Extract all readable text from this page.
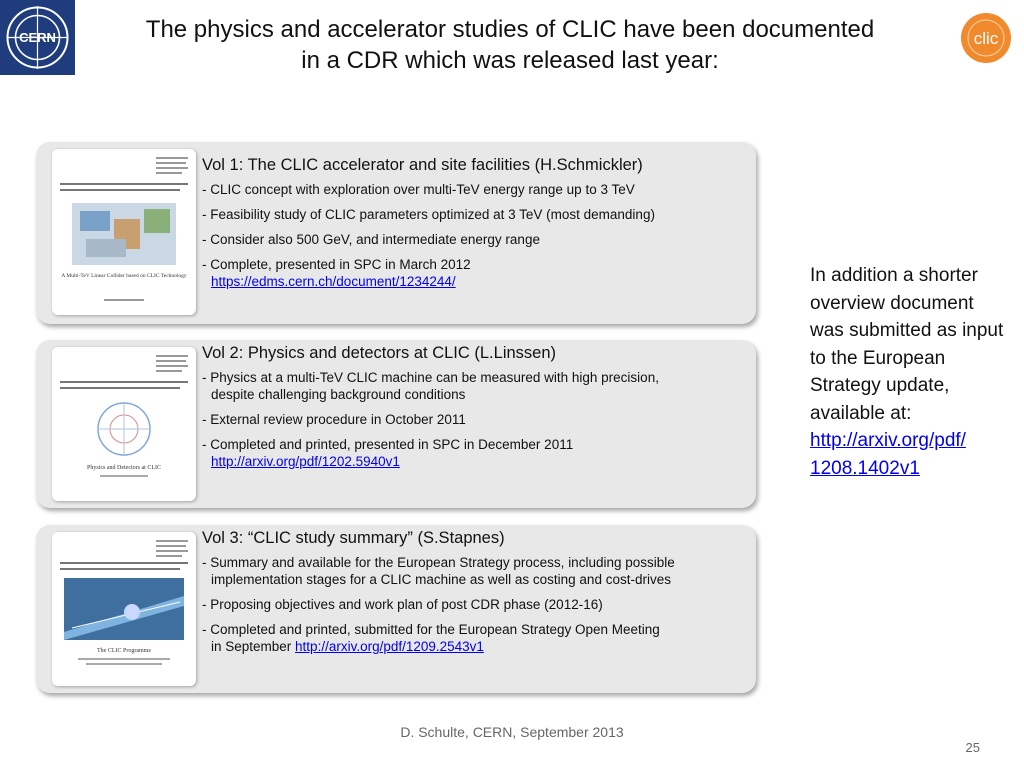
CERN	The physics and accelerator studies of CLIC have been documented
in a CDR which was released last year:
clic
A Multi-TeV Linear Collider based on CLIC Technology
Vol 1: The CLIC accelerator and site facilities (H.Schmickler)
- CLIC concept with exploration over multi-TeV energy range up to 3 TeV
- Feasibility study of CLIC parameters optimized at 3 TeV (most demanding)
- Consider also 500 GeV, and intermediate energy range
- Complete, presented in SPC in March 2012

https://edms.cern.ch/document/1234244/
Physics and Detectors at CLIC
Vol 2: Physics and detectors at CLIC (L.Linssen)
- Physics at a multi-TeV CLIC machine can be measured with high precision,

despite challenging background conditions
- External review procedure in October 2011
- Completed and printed, presented in SPC in December 2011

http://arxiv.org/pdf/1202.5940v1
The CLIC Programme
Vol 3: “CLIC study summary” (S.Stapnes)
- Summary and available for the European Strategy process, including possible

implementation stages for a CLIC machine as well as costing and cost-drives
- Proposing objectives and work plan of post CDR phase (2012-16)
- Completed and printed, submitted for the European Strategy Open Meeting

in September http://arxiv.org/pdf/1209.2543v1
In addition a shorter overview document was submitted as input to the European Strategy update, available at:
http://arxiv.org/pdf/
1208.1402v1
D. Schulte, CERN, September 2013
25
